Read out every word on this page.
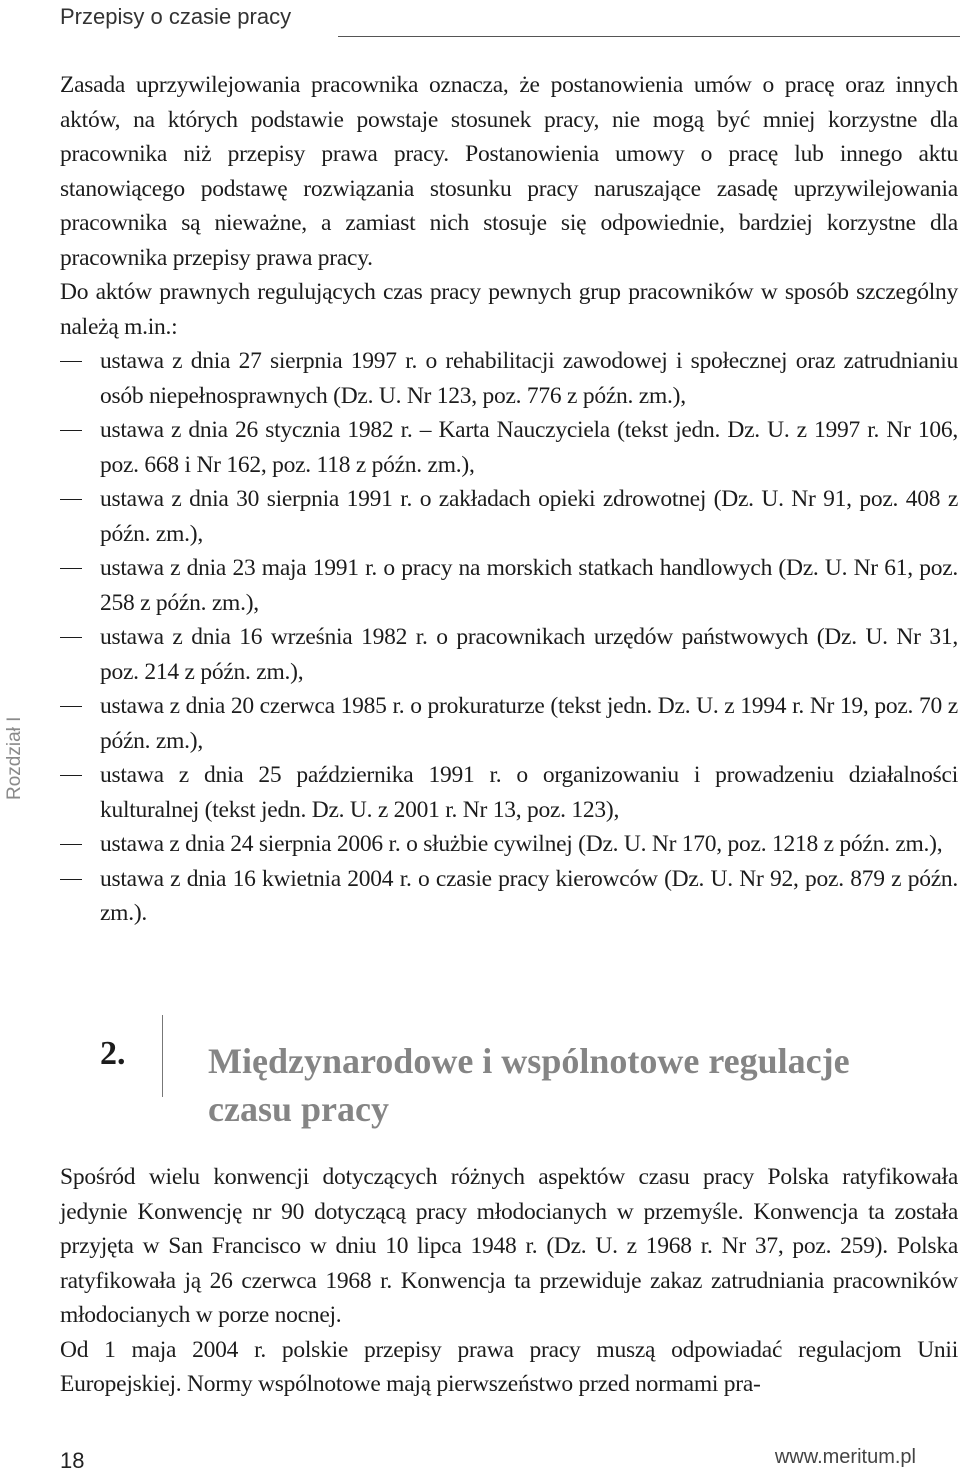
Przepisy o czasie pracy

Zasada uprzywilejowania pracownika oznacza, że postanowienia umów o pracę oraz innych aktów, na których podstawie powstaje stosunek pracy, nie mogą być mniej korzystne dla pracownika niż przepisy prawa pracy. Postanowienia umowy o pracę lub innego aktu stanowiącego podstawę rozwiązania stosunku pracy naruszające zasadę uprzywilejowania pracownika są nieważne, a zamiast nich stosuje się odpowiednie, bardziej korzystne dla pracownika przepisy prawa pracy.

Do aktów prawnych regulujących czas pracy pewnych grup pracowników w sposób szczególny należą m.in.:

ustawa z dnia 27 sierpnia 1997 r. o rehabilitacji zawodowej i społecznej oraz zatrudnianiu osób niepełnosprawnych (Dz. U. Nr 123, poz. 776 z późn. zm.),
ustawa z dnia 26 stycznia 1982 r. – Karta Nauczyciela (tekst jedn. Dz. U. z 1997 r. Nr 106, poz. 668 i Nr 162, poz. 118 z późn. zm.),
ustawa z dnia 30 sierpnia 1991 r. o zakładach opieki zdrowotnej (Dz. U. Nr 91, poz. 408 z późn. zm.),
ustawa z dnia 23 maja 1991 r. o pracy na morskich statkach handlowych (Dz. U. Nr 61, poz. 258 z późn. zm.),
ustawa z dnia 16 września 1982 r. o pracownikach urzędów państwowych (Dz. U. Nr 31, poz. 214 z późn. zm.),
ustawa z dnia 20 czerwca 1985 r. o prokuraturze (tekst jedn. Dz. U. z 1994 r. Nr 19, poz. 70 z późn. zm.),
ustawa z dnia 25 października 1991 r. o organizowaniu i prowadzeniu działalności kulturalnej (tekst jedn. Dz. U. z 2001 r. Nr 13, poz. 123),
ustawa z dnia 24 sierpnia 2006 r. o służbie cywilnej (Dz. U. Nr 170, poz. 1218 z późn. zm.),
ustawa z dnia 16 kwietnia 2004 r. o czasie pracy kierowców (Dz. U. Nr 92, poz. 879 z późn. zm.).
2. Międzynarodowe i wspólnotowe regulacje czasu pracy

Spośród wielu konwencji dotyczących różnych aspektów czasu pracy Polska ratyfikowała jedynie Konwencję nr 90 dotyczącą pracy młodocianych w przemyśle. Konwencja ta została przyjęta w San Francisco w dniu 10 lipca 1948 r. (Dz. U. z 1968 r. Nr 37, poz. 259). Polska ratyfikowała ją 26 czerwca 1968 r. Konwencja ta przewiduje zakaz zatrudniania pracowników młodocianych w porze nocnej.

Od 1 maja 2004 r. polskie przepisy prawa pracy muszą odpowiadać regulacjom Unii Europejskiej. Normy wspólnotowe mają pierwszeństwo przed normami pra-

Rozdział I
18	www.meritum.pl
